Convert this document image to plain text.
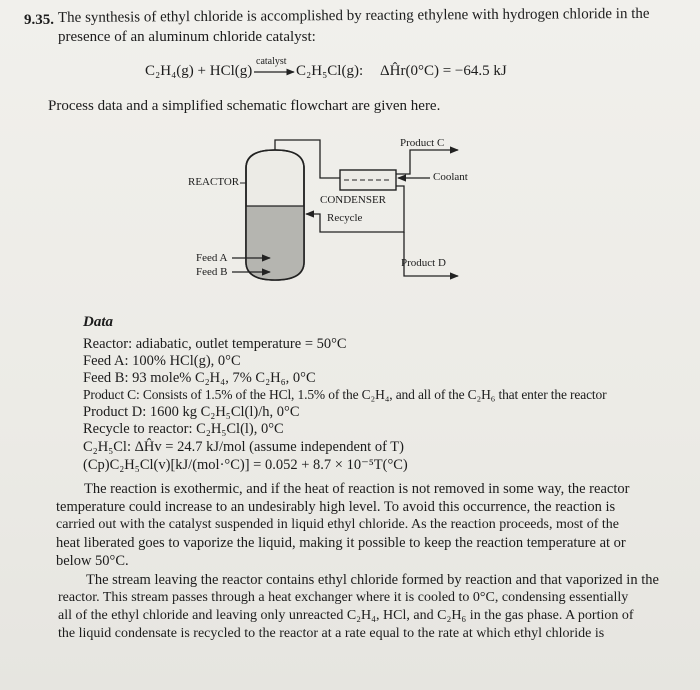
9.35. The synthesis of ethyl chloride is accomplished by reacting ethylene with hydrogen chloride in the
presence of an aluminum chloride catalyst:
C₂H₄(g) + HCl(g)
catalyst
C₂H₅Cl(g): ΔĤr(0°C) = −64.5 kJ
Process data and a simplified schematic flowchart are given here.
Product C
Coolant
REACTOR
CONDENSER
Recycle
Feed A
Feed B
Product D
Data
Reactor: adiabatic, outlet temperature = 50°C
Feed A: 100% HCl(g), 0°C
Feed B: 93 mole% C₂H₄, 7% C₂H₆, 0°C
Product C: Consists of 1.5% of the HCl, 1.5% of the C₂H₄, and all of the C₂H₆ that enter the reactor
Product D: 1600 kg C₂H₅Cl(l)/h, 0°C
Recycle to reactor: C₂H₅Cl(l), 0°C
C₂H₅Cl: ΔĤv = 24.7 kJ/mol (assume independent of T)
(Cp)C₂H₅Cl(v)[kJ/(mol·°C)] = 0.052 + 8.7 × 10⁻⁵T(°C)
The reaction is exothermic, and if the heat of reaction is not removed in some way, the reactor
temperature could increase to an undesirably high level. To avoid this occurrence, the reaction is
carried out with the catalyst suspended in liquid ethyl chloride. As the reaction proceeds, most of the
heat liberated goes to vaporize the liquid, making it possible to keep the reaction temperature at or
below 50°C.
The stream leaving the reactor contains ethyl chloride formed by reaction and that vaporized in the
reactor. This stream passes through a heat exchanger where it is cooled to 0°C, condensing essentially
all of the ethyl chloride and leaving only unreacted C₂H₄, HCl, and C₂H₆ in the gas phase. A portion of
the liquid condensate is recycled to the reactor at a rate equal to the rate at which ethyl chloride is
